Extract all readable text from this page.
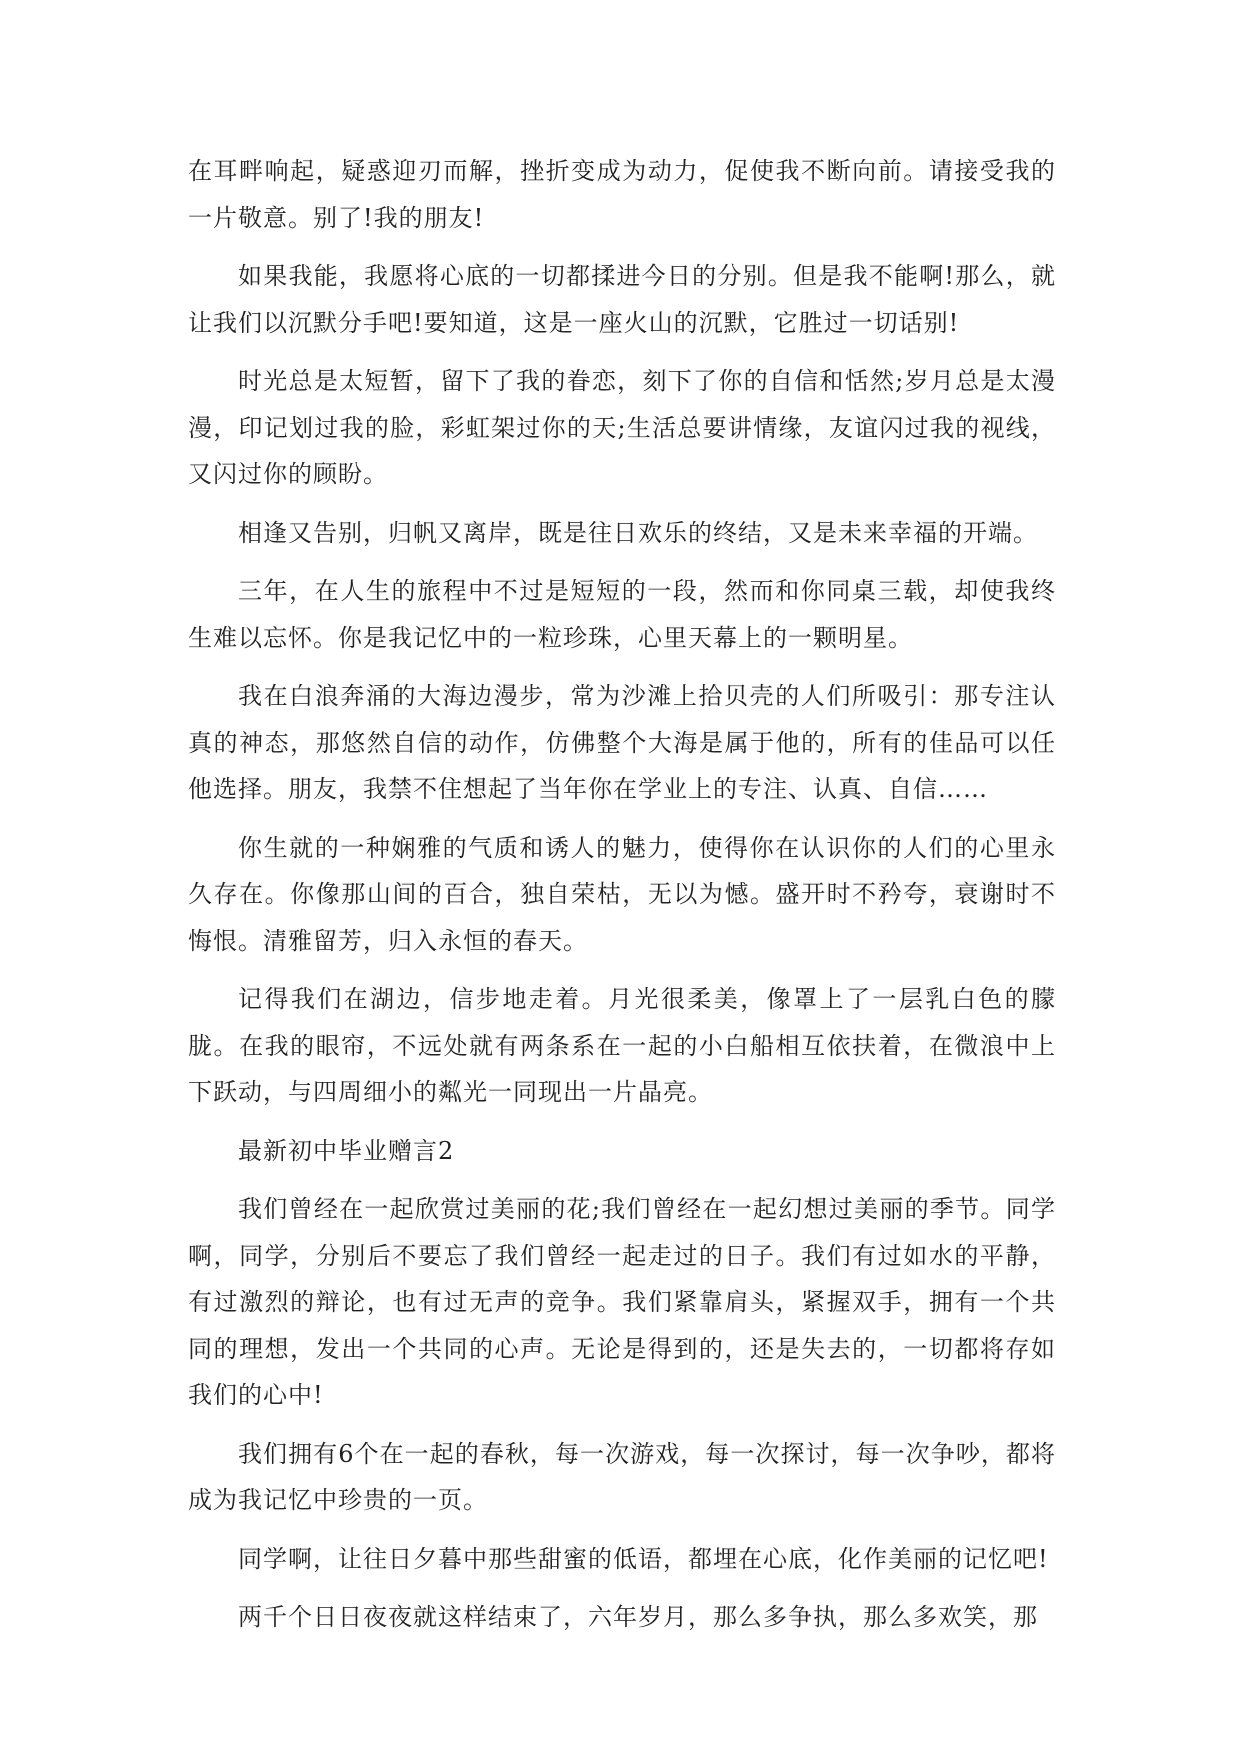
在耳畔响起，疑惑迎刃而解，挫折变成为动力，促使我不断向前。请接受我的一片敬意。别了!我的朋友!

如果我能，我愿将心底的一切都揉进今日的分别。但是我不能啊!那么，就让我们以沉默分手吧!要知道，这是一座火山的沉默，它胜过一切话别!

时光总是太短暂，留下了我的眷恋，刻下了你的自信和恬然;岁月总是太漫漫，印记划过我的脸，彩虹架过你的天;生活总要讲情缘，友谊闪过我的视线，又闪过你的顾盼。

相逢又告别，归帆又离岸，既是往日欢乐的终结，又是未来幸福的开端。

三年，在人生的旅程中不过是短短的一段，然而和你同桌三载，却使我终生难以忘怀。你是我记忆中的一粒珍珠，心里天幕上的一颗明星。

我在白浪奔涌的大海边漫步，常为沙滩上拾贝壳的人们所吸引：那专注认真的神态，那悠然自信的动作，仿佛整个大海是属于他的，所有的佳品可以任他选择。朋友，我禁不住想起了当年你在学业上的专注、认真、自信……

你生就的一种娴雅的气质和诱人的魅力，使得你在认识你的人们的心里永久存在。你像那山间的百合，独自荣枯，无以为憾。盛开时不矜夸，衰谢时不悔恨。清雅留芳，归入永恒的春天。

记得我们在湖边，信步地走着。月光很柔美，像罩上了一层乳白色的朦胧。在我的眼帘，不远处就有两条系在一起的小白船相互依扶着，在微浪中上下跃动，与四周细小的粼光一同现出一片晶亮。

最新初中毕业赠言2

我们曾经在一起欣赏过美丽的花;我们曾经在一起幻想过美丽的季节。同学啊，同学，分别后不要忘了我们曾经一起走过的日子。我们有过如水的平静，有过激烈的辩论，也有过无声的竞争。我们紧靠肩头，紧握双手，拥有一个共同的理想，发出一个共同的心声。无论是得到的，还是失去的，一切都将存如我们的心中!

我们拥有6个在一起的春秋，每一次游戏，每一次探讨，每一次争吵，都将成为我记忆中珍贵的一页。

同学啊，让往日夕暮中那些甜蜜的低语，都埋在心底，化作美丽的记忆吧!

两千个日日夜夜就这样结束了，六年岁月，那么多争执，那么多欢笑，那
